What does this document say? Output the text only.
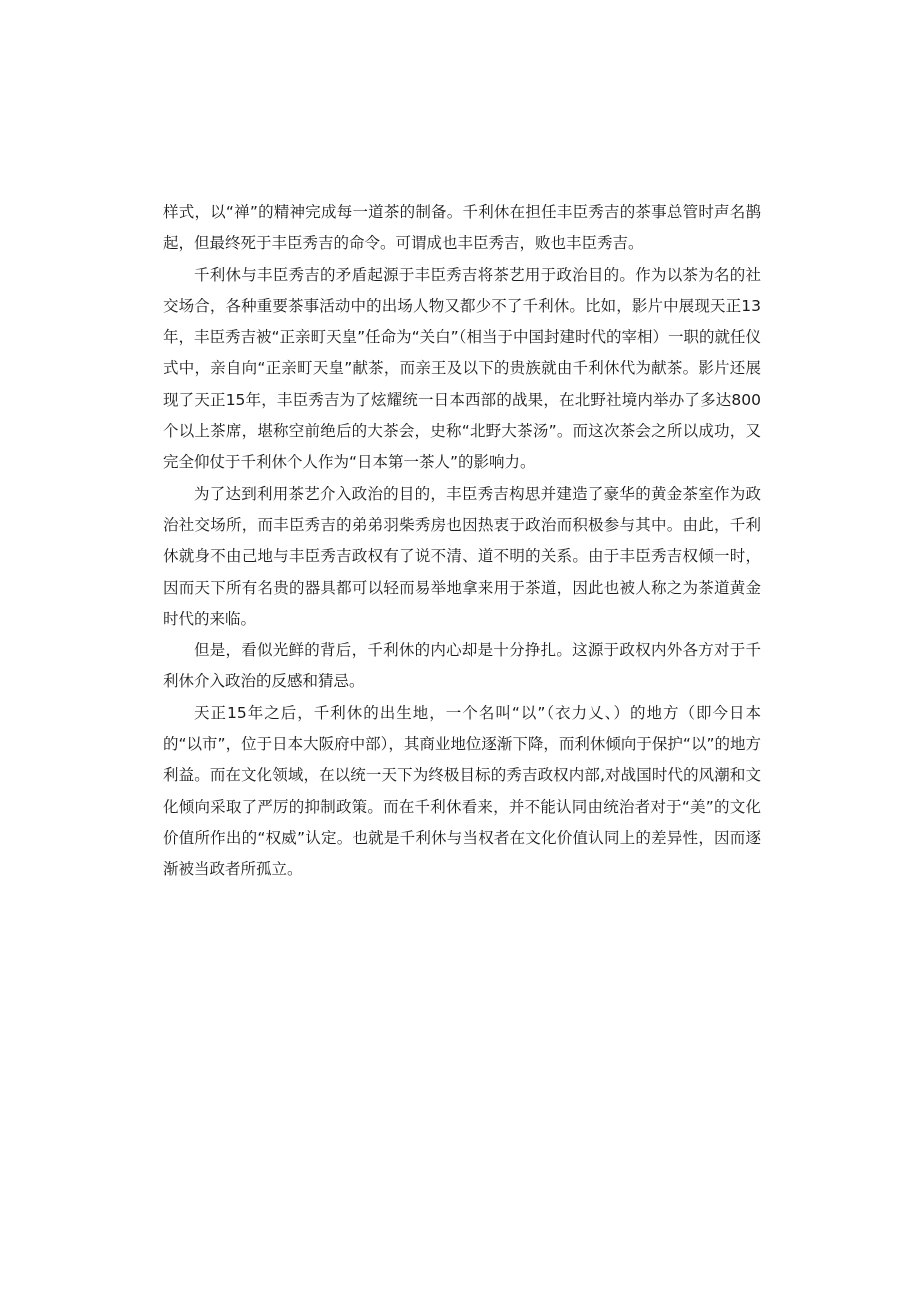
样式，以“禅”的精神完成每一道茶的制备。千利休在担任丰臣秀吉的茶事总管时声名鹊起，但最终死于丰臣秀吉的命令。可谓成也丰臣秀吉，败也丰臣秀吉。

千利休与丰臣秀吉的矛盾起源于丰臣秀吉将茶艺用于政治目的。作为以茶为名的社交场合，各种重要茶事活动中的出场人物又都少不了千利休。比如，影片中展现天正13年，丰臣秀吉被“正亲町天皇”任命为“关白”（相当于中国封建时代的宰相）一职的就任仪式中，亲自向“正亲町天皇”献茶，而亲王及以下的贵族就由千利休代为献茶。影片还展现了天正15年，丰臣秀吉为了炫耀统一日本西部的战果，在北野社境内举办了多达800个以上茶席，堪称空前绝后的大茶会，史称“北野大茶汤”。而这次茶会之所以成功，又完全仰仗于千利休个人作为“日本第一茶人”的影响力。

为了达到利用茶艺介入政治的目的，丰臣秀吉构思并建造了豪华的黄金茶室作为政治社交场所，而丰臣秀吉的弟弟羽柴秀房也因热衷于政治而积极参与其中。由此，千利休就身不由己地与丰臣秀吉政权有了说不清、道不明的关系。由于丰臣秀吉权倾一时，因而天下所有名贵的器具都可以轻而易举地拿来用于茶道，因此也被人称之为茶道黄金时代的来临。

但是，看似光鲜的背后，千利休的内心却是十分挣扎。这源于政权内外各方对于千利休介入政治的反感和猜忌。

天正15年之后，千利休的出生地，一个名叫“以”（衣力乂、）的地方（即今日本的“以市”，位于日本大阪府中部），其商业地位逐渐下降，而利休倾向于保护“以”的地方利益。而在文化领域，在以统一天下为终极目标的秀吉政权内部,对战国时代的风潮和文化倾向采取了严厉的抑制政策。而在千利休看来，并不能认同由统治者对于“美”的文化价值所作出的“权威”认定。也就是千利休与当权者在文化价值认同上的差异性，因而逐渐被当政者所孤立。
